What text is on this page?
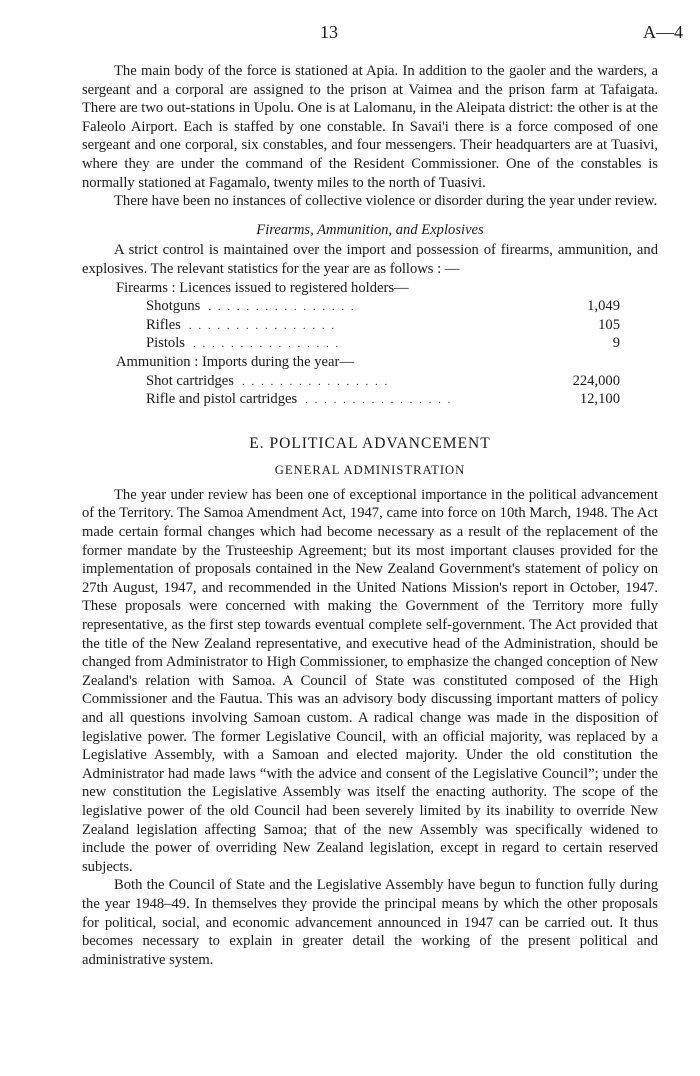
13	A—4

The main body of the force is stationed at Apia. In addition to the gaoler and the warders, a sergeant and a corporal are assigned to the prison at Vaimea and the prison farm at Tafaigata. There are two out-stations in Upolu. One is at Lalomanu, in the Aleipata district: the other is at the Faleolo Airport. Each is staffed by one constable. In Savai'i there is a force composed of one sergeant and one corporal, six constables, and four messengers. Their headquarters are at Tuasivi, where they are under the command of the Resident Commissioner. One of the constables is normally stationed at Fagamalo, twenty miles to the north of Tuasivi.

There have been no instances of collective violence or disorder during the year under review.

Firearms, Ammunition, and Explosives

A strict control is maintained over the import and possession of firearms, ammunition, and explosives. The relevant statistics for the year are as follows : —

Firearms : Licences issued to registered holders—
Shotguns . . . . . . . . . . . . . . . .	1,049
Rifles . . . . . . . . . . . . . . . .	105
Pistols . . . . . . . . . . . . . . . .	9
Ammunition : Imports during the year—
Shot cartridges . . . . . . . . . . . . . . . .	224,000
Rifle and pistol cartridges . . . . . . . . . . . . . . . .	12,100
E. POLITICAL ADVANCEMENT
GENERAL ADMINISTRATION

The year under review has been one of exceptional importance in the political advancement of the Territory. The Samoa Amendment Act, 1947, came into force on 10th March, 1948. The Act made certain formal changes which had become necessary as a result of the replacement of the former mandate by the Trusteeship Agreement; but its most important clauses provided for the implementation of proposals contained in the New Zealand Government's statement of policy on 27th August, 1947, and recommended in the United Nations Mission's report in October, 1947. These proposals were concerned with making the Government of the Territory more fully representative, as the first step towards eventual complete self-government. The Act provided that the title of the New Zealand representative, and executive head of the Administration, should be changed from Administrator to High Commissioner, to emphasize the changed conception of New Zealand's relation with Samoa. A Council of State was constituted composed of the High Commissioner and the Fautua. This was an advisory body discussing important matters of policy and all questions involving Samoan custom. A radical change was made in the disposition of legislative power. The former Legislative Council, with an official majority, was replaced by a Legislative Assembly, with a Samoan and elected majority. Under the old constitution the Administrator had made laws “with the advice and consent of the Legislative Council”; under the new constitution the Legislative Assembly was itself the enacting authority. The scope of the legislative power of the old Council had been severely limited by its inability to override New Zealand legislation affecting Samoa; that of the new Assembly was specifically widened to include the power of overriding New Zealand legislation, except in regard to certain reserved subjects.

Both the Council of State and the Legislative Assembly have begun to function fully during the year 1948–49. In themselves they provide the principal means by which the other proposals for political, social, and economic advancement announced in 1947 can be carried out. It thus becomes necessary to explain in greater detail the working of the present political and administrative system.
